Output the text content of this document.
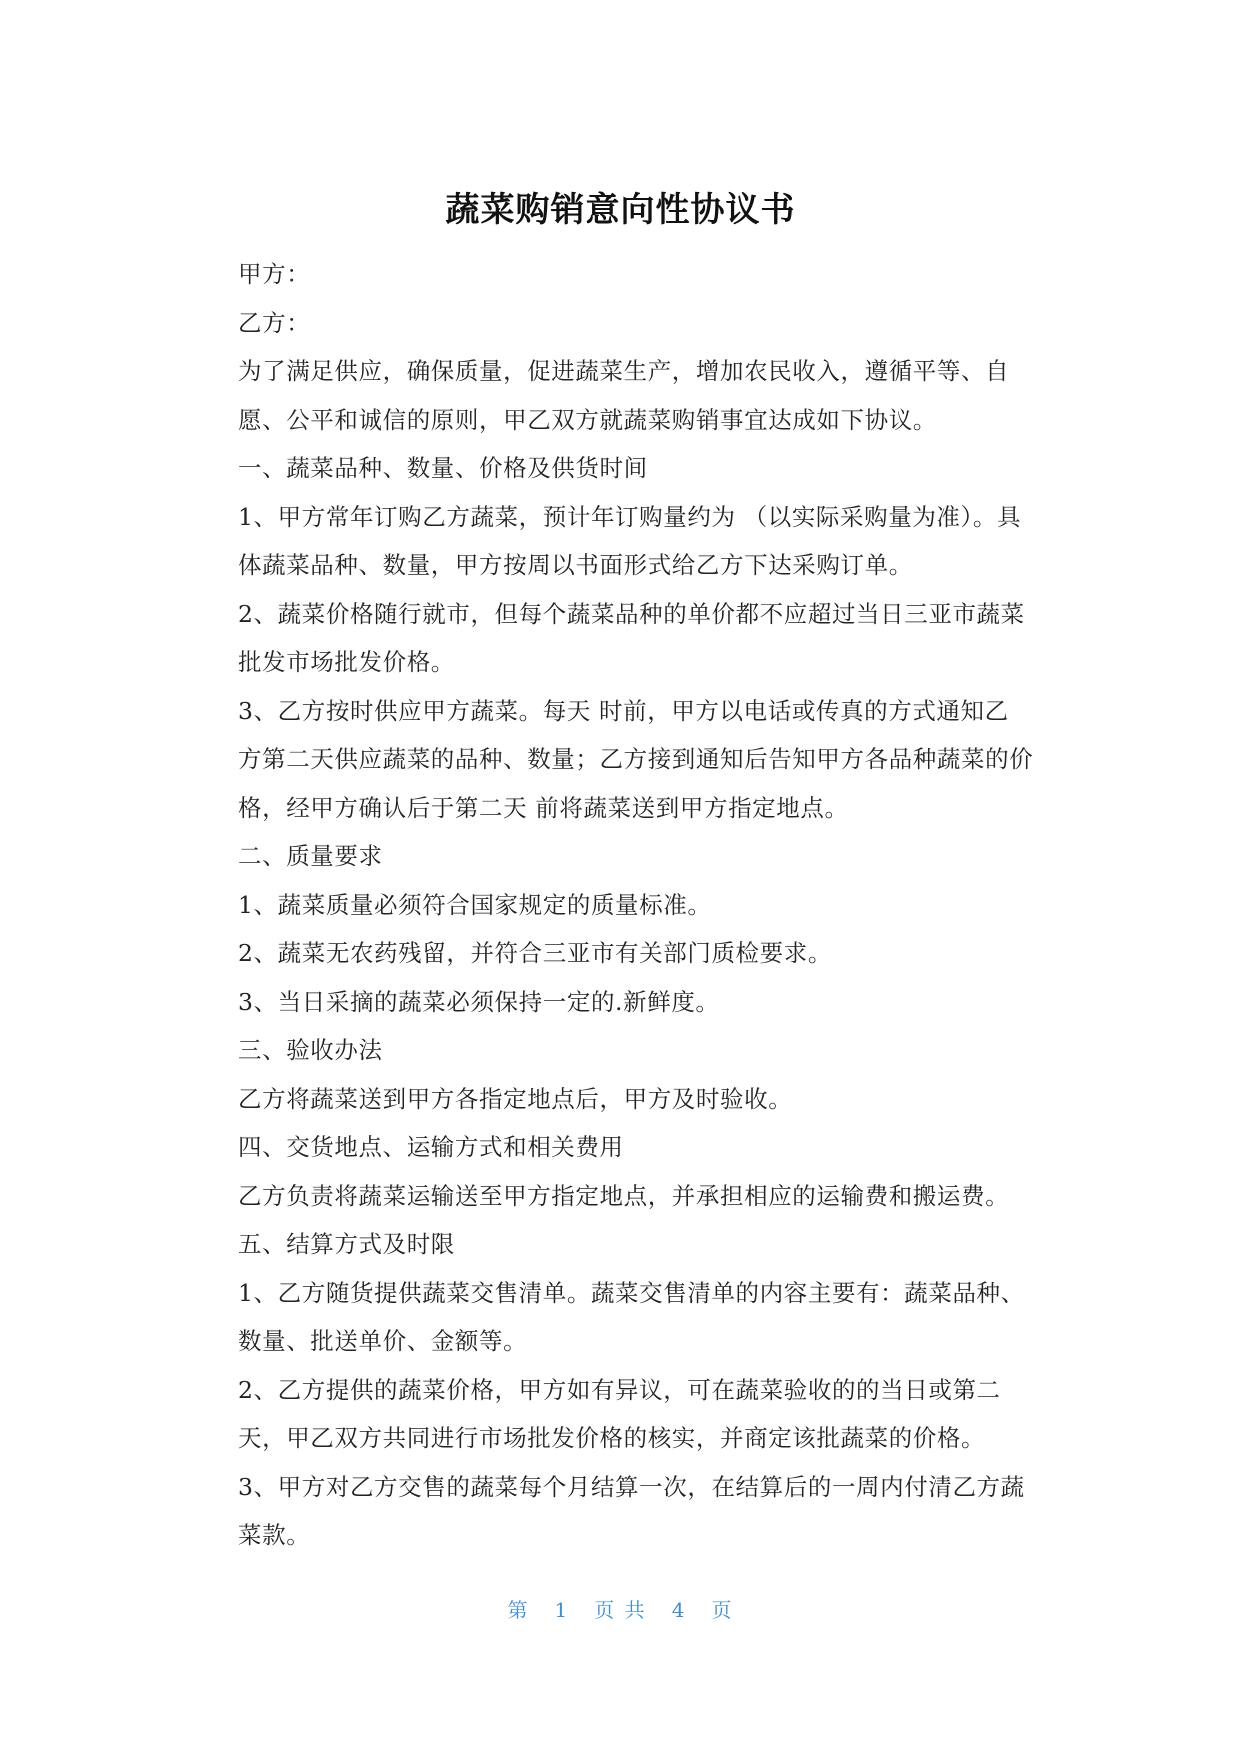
蔬菜购销意向性协议书
甲方：
乙方：
为了满足供应，确保质量，促进蔬菜生产，增加农民收入，遵循平等、自
愿、公平和诚信的原则，甲乙双方就蔬菜购销事宜达成如下协议。
一、蔬菜品种、数量、价格及供货时间
1、甲方常年订购乙方蔬菜，预计年订购量约为 （以实际采购量为准）。具
体蔬菜品种、数量，甲方按周以书面形式给乙方下达采购订单。
2、蔬菜价格随行就市，但每个蔬菜品种的单价都不应超过当日三亚市蔬菜
批发市场批发价格。
3、乙方按时供应甲方蔬菜。每天 时前，甲方以电话或传真的方式通知乙
方第二天供应蔬菜的品种、数量；乙方接到通知后告知甲方各品种蔬菜的价
格，经甲方确认后于第二天 前将蔬菜送到甲方指定地点。
二、质量要求
1、蔬菜质量必须符合国家规定的质量标准。
2、蔬菜无农药残留，并符合三亚市有关部门质检要求。
3、当日采摘的蔬菜必须保持一定的.新鲜度。
三、验收办法
乙方将蔬菜送到甲方各指定地点后，甲方及时验收。
四、交货地点、运输方式和相关费用
乙方负责将蔬菜运输送至甲方指定地点，并承担相应的运输费和搬运费。
五、结算方式及时限
1、乙方随货提供蔬菜交售清单。蔬菜交售清单的内容主要有：蔬菜品种、
数量、批送单价、金额等。
2、乙方提供的蔬菜价格，甲方如有异议，可在蔬菜验收的的当日或第二
天，甲乙双方共同进行市场批发价格的核实，并商定该批蔬菜的价格。
3、甲方对乙方交售的蔬菜每个月结算一次，在结算后的一周内付清乙方蔬
菜款。
第   1   页 共   4   页
